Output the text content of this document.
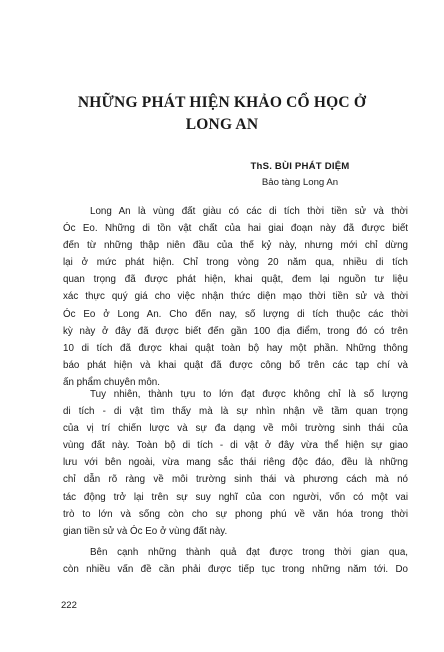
NHỮNG PHÁT HIỆN KHẢO CỔ HỌC Ở
LONG AN
ThS. BÙI PHÁT DIỆM
Bảo tàng Long An

Long An là vùng đất giàu có các di tích thời tiền sử và thời
Óc Eo. Những di tồn vật chất của hai giai đoạn này đã được biết
đến từ những thập niên đầu của thế kỷ này, nhưng mới chỉ dừng
lại ở mức phát hiện. Chỉ trong vòng 20 năm qua, nhiều di tích
quan trọng đã được phát hiện, khai quật, đem lại nguồn tư liệu
xác thực quý giá cho việc nhận thức diện mạo thời tiền sử và thời
Óc Eo ở Long An. Cho đến nay, số lượng di tích thuộc các thời
kỳ này ở đây đã được biết đến gần 100 địa điểm, trong đó có trên
10 di tích đã được khai quật toàn bộ hay một phần. Những thông
báo phát hiện và khai quật đã được công bố trên các tạp chí và
ấn phẩm chuyên môn.

Tuy nhiên, thành tựu to lớn đạt được không chỉ là số lượng
di tích - di vật tìm thấy mà là sự nhìn nhận về tầm quan trọng
của vị trí chiến lược và sự đa dạng về môi trường sinh thái của
vùng đất này. Toàn bộ di tích - di vật ở đây vừa thể hiện sự giao
lưu với bên ngoài, vừa mang sắc thái riêng độc đáo, đều là những
chỉ dẫn rõ ràng về môi trường sinh thái và phương cách mà nó
tác động trở lại trên sự suy nghĩ của con người, vốn có một vai
trò to lớn và sống còn cho sự phong phú về văn hóa trong thời
gian tiền sử và Óc Eo ở vùng đất này.

Bên cạnh những thành quả đạt được trong thời gian qua,
còn nhiều vấn đề cần phải được tiếp tục trong những năm tới. Do

222
